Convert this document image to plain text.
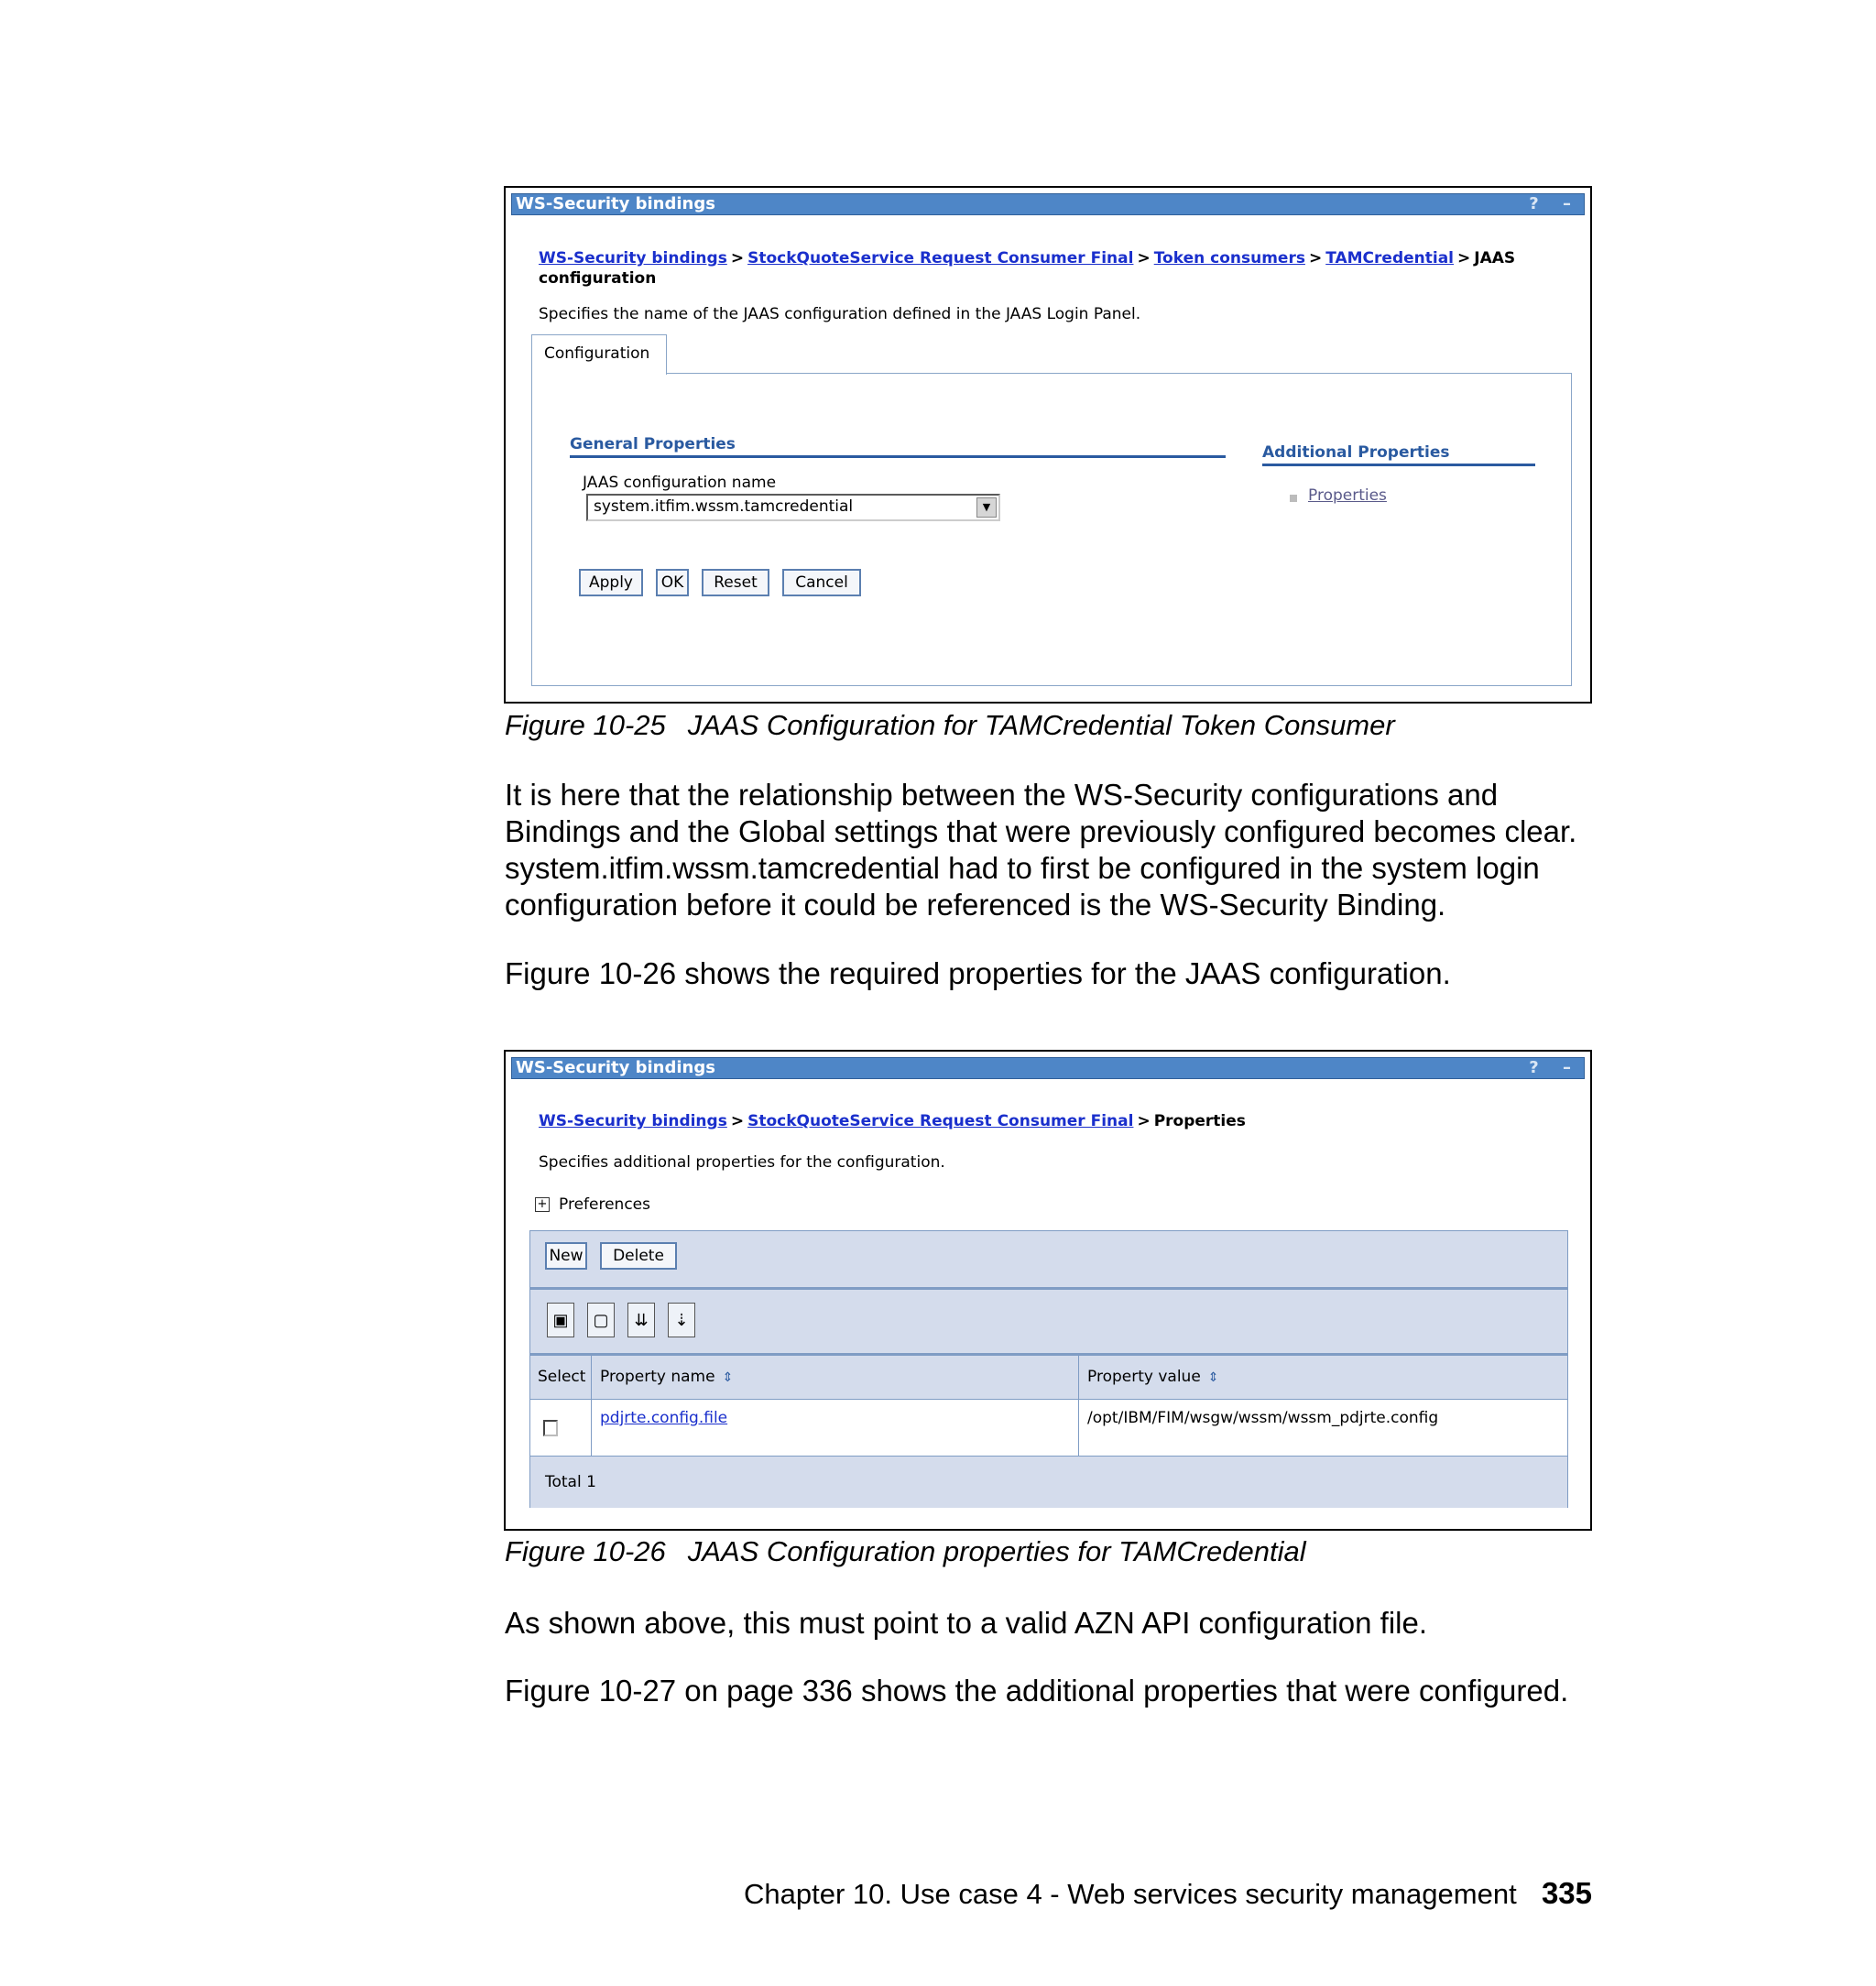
WS-Security bindings	? –
WS-Security bindings > StockQuoteService Request Consumer Final > Token consumers > TAMCredential > JAAS
configuration
Specifies the name of the JAAS configuration defined in the JAAS Login Panel.
Configuration
General Properties	Additional Properties
JAAS configuration name
system.itfim.wssm.tamcredential	▼
Properties
Apply	OK	Reset	Cancel
Figure 10-25 JAAS Configuration for TAMCredential Token Consumer
It is here that the relationship between the WS-Security configurations and
Bindings and the Global settings that were previously configured becomes clear.
system.itfim.wssm.tamcredential had to first be configured in the system login
configuration before it could be referenced is the WS-Security Binding.
Figure 10-26 shows the required properties for the JAAS configuration.
WS-Security bindings	? –
WS-Security bindings > StockQuoteService Request Consumer Final > Properties
Specifies additional properties for the configuration.
+ Preferences
New	Delete
▣	▢	⇊	⇣
Select Property name ⇕	Property value ⇕
pdjrte.config.file	/opt/IBM/FIM/wsgw/wssm/wssm_pdjrte.config
Total 1
Figure 10-26 JAAS Configuration properties for TAMCredential
As shown above, this must point to a valid AZN API configuration file.
Figure 10-27 on page 336 shows the additional properties that were configured.
Chapter 10. Use case 4 - Web services security management 335
